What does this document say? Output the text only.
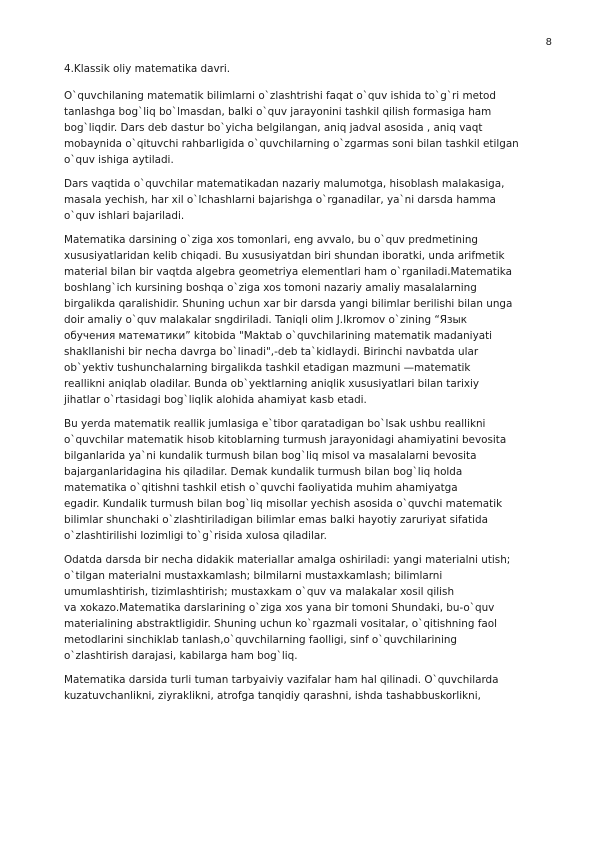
8
4.Klassik oliy matematika davri.
O`quvchilaning matematik bilimlarni o`zlashtrishi faqat o`quv ishida to`g`ri metod
tanlashga bog`liq bo`lmasdan, balki o`quv jarayonini tashkil qilish formasiga ham
bog`liqdir. Dars deb dastur bo`yicha belgilangan, aniq jadval asosida , aniq vaqt
mobaynida o`qituvchi rahbarligida o`quvchilarning o`zgarmas soni bilan tashkil etilgan
o`quv ishiga aytiladi.
Dars vaqtida o`quvchilar matematikadan nazariy malumotga, hisoblash malakasiga,
masala yechish, har xil o`lchashlarni bajarishga o`rganadilar, ya`ni darsda hamma
o`quv ishlari bajariladi.
Matematika darsining o`ziga xos tomonlari, eng avvalo, bu o`quv predmetining
xususiyatlaridan kelib chiqadi. Bu xususiyatdan biri shundan iboratki, unda arifmetik
material bilan bir vaqtda algebra geometriya elementlari ham o`rganiladi.Matematika
boshlang`ich kursining boshqa o`ziga xos tomoni nazariy amaliy masalalarning
birgalikda qaralishidir. Shuning uchun xar bir darsda yangi bilimlar berilishi bilan unga
doir amaliy o`quv malakalar sngdiriladi. Taniqli olim J.Ikromov o`zining “Язык
обучения математики” kitobida "Maktab o`quvchilarining matematik madaniyati
shakllanishi bir necha davrga bo`linadi",-deb ta`kidlaydi. Birinchi navbatda ular
ob`yektiv tushunchalarning birgalikda tashkil etadigan mazmuni —matematik
reallikni aniqlab oladilar. Bunda ob`yektlarning aniqlik xususiyatlari bilan tarixiy
jihatlar o`rtasidagi bog`liqlik alohida ahamiyat kasb etadi.
Bu yerda matematik reallik jumlasiga e`tibor qaratadigan bo`lsak ushbu reallikni
o`quvchilar matematik hisob kitoblarning turmush jarayonidagi ahamiyatini bevosita
bilganlarida ya`ni kundalik turmush bilan bog`liq misol va masalalarni bevosita
bajarganlaridagina his qiladilar. Demak kundalik turmush bilan bog`liq holda
matematika o`qitishni tashkil etish o`quvchi faoliyatida muhim ahamiyatga
egadir. Kundalik turmush bilan bog`liq misollar yechish asosida o`quvchi matematik
bilimlar shunchaki o`zlashtiriladigan bilimlar emas balki hayotiy zaruriyat sifatida
o`zlashtirilishi lozimligi to`g`risida xulosa qiladilar.
Odatda darsda bir necha didakik materiallar amalga oshiriladi: yangi materialni utish;
o`tilgan materialni mustaxkamlash; bilmilarni mustaxkamlash; bilimlarni
umumlashtirish, tizimlashtirish; mustaxkam o`quv va malakalar xosil qilish
va xokazo.Matematika darslarining o`ziga xos yana bir tomoni Shundaki, bu-o`quv
materialining abstraktligidir. Shuning uchun ko`rgazmali vositalar, o`qitishning faol
metodlarini sinchiklab tanlash,o`quvchilarning faolligi, sinf o`quvchilarining
o`zlashtirish darajasi, kabilarga ham bog`liq.
Matematika darsida turli tuman tarbyaiviy vazifalar ham hal qilinadi. O`quvchilarda
kuzatuvchanlikni, ziyraklikni, atrofga tanqidiy qarashni, ishda tashabbuskorlikni,
